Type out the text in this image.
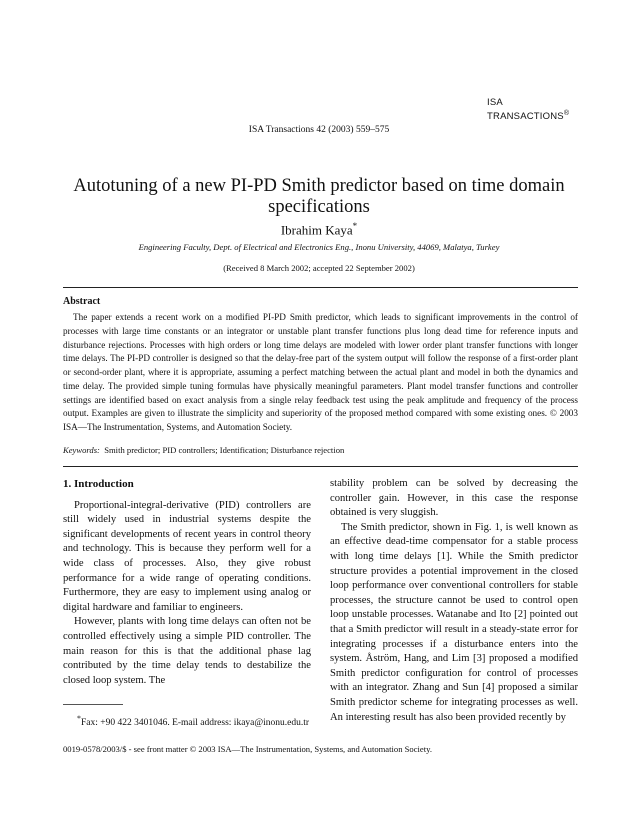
ISA
TRANSACTIONS®
ISA Transactions 42 (2003) 559–575
Autotuning of a new PI-PD Smith predictor based on time domain
specifications
Ibrahim Kaya*
Engineering Faculty, Dept. of Electrical and Electronics Eng., Inonu University, 44069, Malatya, Turkey
(Received 8 March 2002; accepted 22 September 2002)
Abstract
The paper extends a recent work on a modified PI-PD Smith predictor, which leads to significant improvements in the control of processes with large time constants or an integrator or unstable plant transfer functions plus long dead time for reference inputs and disturbance rejections. Processes with high orders or long time delays are modeled with lower order plant transfer functions with longer time delays. The PI-PD controller is designed so that the delay-free part of the system output will follow the response of a first-order plant or second-order plant, where it is appropriate, assuming a perfect matching between the actual plant and model in both the dynamics and time delay. The provided simple tuning formulas have physically meaningful parameters. Plant model transfer functions and controller settings are identified based on exact analysis from a single relay feedback test using the peak amplitude and frequency of the process output. Examples are given to illustrate the simplicity and superiority of the proposed method compared with some existing ones. © 2003 ISA—The Instrumentation, Systems, and Automation Society.
Keywords: Smith predictor; PID controllers; Identification; Disturbance rejection
1. Introduction

Proportional-integral-derivative (PID) controllers are still widely used in industrial systems despite the significant developments of recent years in control theory and technology. This is because they perform well for a wide class of processes. Also, they give robust performance for a wide range of operating conditions. Furthermore, they are easy to implement using analog or digital hardware and familiar to engineers.

However, plants with long time delays can often not be controlled effectively using a simple PID controller. The main reason for this is that the additional phase lag contributed by the time delay tends to destabilize the closed loop system. The

stability problem can be solved by decreasing the controller gain. However, in this case the response obtained is very sluggish.

The Smith predictor, shown in Fig. 1, is well known as an effective dead-time compensator for a stable process with long time delays [1]. While the Smith predictor structure provides a potential improvement in the closed loop performance over conventional controllers for stable processes, the structure cannot be used to control open loop unstable processes. Watanabe and Ito [2] pointed out that a Smith predictor will result in a steady-state error for integrating processes if a disturbance enters into the system. Åström, Hang, and Lim [3] proposed a modified Smith predictor configuration for control of processes with an integrator. Zhang and Sun [4] proposed a similar Smith predictor scheme for integrating processes as well. An interesting result has also been provided recently by

*Fax: +90 422 3401046. E-mail address: ikaya@inonu.edu.tr
0019-0578/2003/$ - see front matter © 2003 ISA—The Instrumentation, Systems, and Automation Society.
